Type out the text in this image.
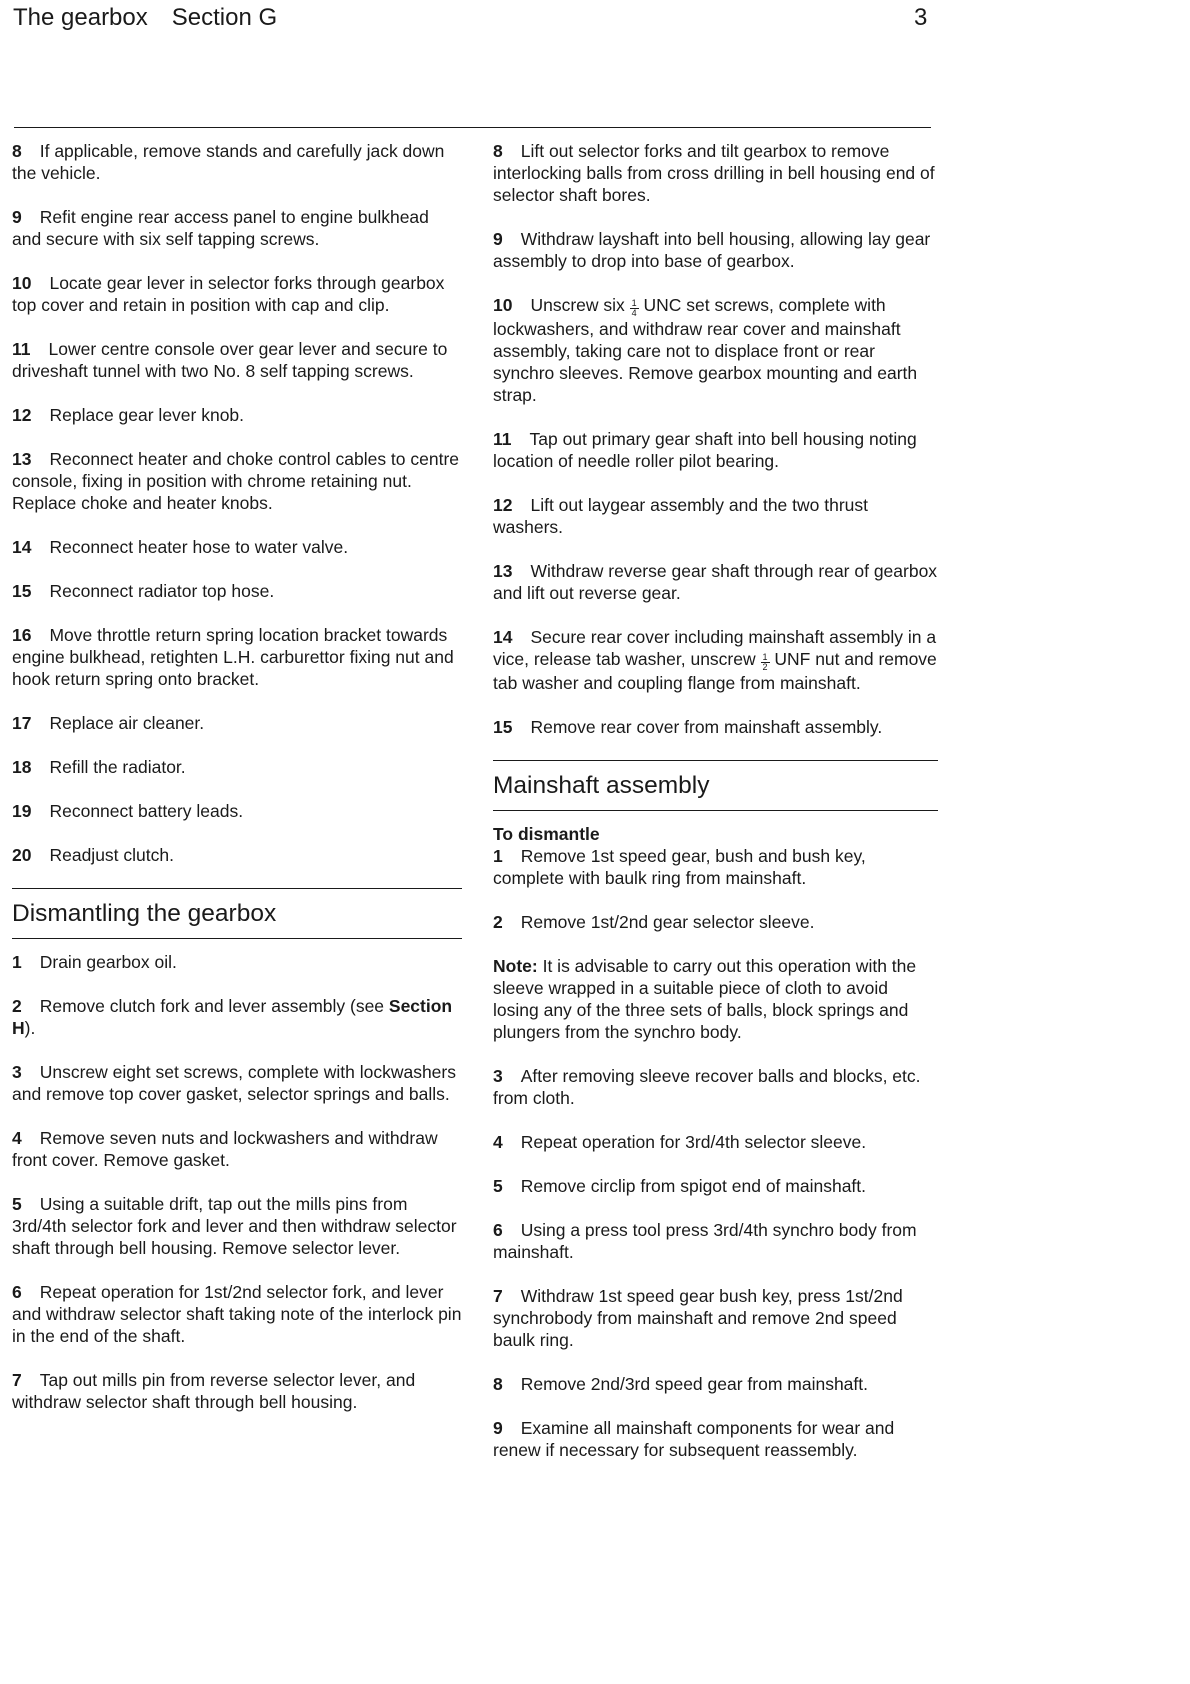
The gearbox Section G	3
8 If applicable, remove stands and carefully jack down the vehicle.
9 Refit engine rear access panel to engine bulkhead and secure with six self tapping screws.
10 Locate gear lever in selector forks through gearbox top cover and retain in position with cap and clip.
11 Lower centre console over gear lever and secure to driveshaft tunnel with two No. 8 self tapping screws.
12 Replace gear lever knob.
13 Reconnect heater and choke control cables to centre console, fixing in position with chrome retaining nut. Replace choke and heater knobs.
14 Reconnect heater hose to water valve.
15 Reconnect radiator top hose.
16 Move throttle return spring location bracket towards engine bulkhead, retighten L.H. carburettor fixing nut and hook return spring onto bracket.
17 Replace air cleaner.
18 Refill the radiator.
19 Reconnect battery leads.
20 Readjust clutch.
Dismantling the gearbox
1 Drain gearbox oil.
2 Remove clutch fork and lever assembly (see Section H).
3 Unscrew eight set screws, complete with lockwashers and remove top cover gasket, selector springs and balls.
4 Remove seven nuts and lockwashers and withdraw front cover. Remove gasket.
5 Using a suitable drift, tap out the mills pins from 3rd/4th selector fork and lever and then withdraw selector shaft through bell housing. Remove selector lever.
6 Repeat operation for 1st/2nd selector fork, and lever and withdraw selector shaft taking note of the interlock pin in the end of the shaft.
7 Tap out mills pin from reverse selector lever, and withdraw selector shaft through bell housing.
8 Lift out selector forks and tilt gearbox to remove interlocking balls from cross drilling in bell housing end of selector shaft bores.
9 Withdraw layshaft into bell housing, allowing lay gear assembly to drop into base of gearbox.
10 Unscrew six $\frac{1}{4}$ UNC set screws, complete with lockwashers, and withdraw rear cover and mainshaft assembly, taking care not to displace front or rear synchro sleeves. Remove gearbox mounting and earth strap.
11 Tap out primary gear shaft into bell housing noting location of needle roller pilot bearing.
12 Lift out laygear assembly and the two thrust washers.
13 Withdraw reverse gear shaft through rear of gearbox and lift out reverse gear.
14 Secure rear cover including mainshaft assembly in a vice, release tab washer, unscrew $\frac{1}{2}$ UNF nut and remove tab washer and coupling flange from mainshaft.
15 Remove rear cover from mainshaft assembly.
Mainshaft assembly
To dismantle
1 Remove 1st speed gear, bush and bush key, complete with baulk ring from mainshaft.
2 Remove 1st/2nd gear selector sleeve.
Note: It is advisable to carry out this operation with the sleeve wrapped in a suitable piece of cloth to avoid losing any of the three sets of balls, block springs and plungers from the synchro body.
3 After removing sleeve recover balls and blocks, etc. from cloth.
4 Repeat operation for 3rd/4th selector sleeve.
5 Remove circlip from spigot end of mainshaft.
6 Using a press tool press 3rd/4th synchro body from mainshaft.
7 Withdraw 1st speed gear bush key, press 1st/2nd synchrobody from mainshaft and remove 2nd speed baulk ring.
8 Remove 2nd/3rd speed gear from mainshaft.
9 Examine all mainshaft components for wear and renew if necessary for subsequent reassembly.
